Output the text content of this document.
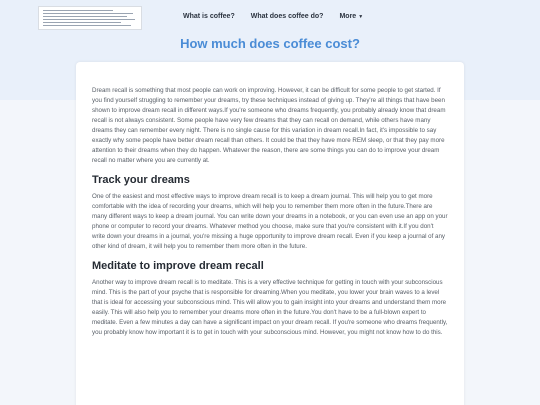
What is coffee? What does coffee do? More ▼
How much does coffee cost?

Dream recall is something that most people can work on improving. However, it can be difficult for some people to get started. If you find yourself struggling to remember your dreams, try these techniques instead of giving up. They're all things that have been shown to improve dream recall in different ways.If you're someone who dreams frequently, you probably already know that dream recall is not always consistent. Some people have very few dreams that they can recall on demand, while others have many dreams they can remember every night. There is no single cause for this variation in dream recall.In fact, it's impossible to say exactly why some people have better dream recall than others. It could be that they have more REM sleep, or that they pay more attention to their dreams when they do happen. Whatever the reason, there are some things you can do to improve your dream recall no matter where you are currently at.

Track your dreams

One of the easiest and most effective ways to improve dream recall is to keep a dream journal. This will help you to get more comfortable with the idea of recording your dreams, which will help you to remember them more often in the future.There are many different ways to keep a dream journal. You can write down your dreams in a notebook, or you can even use an app on your phone or computer to record your dreams. Whatever method you choose, make sure that you're consistent with it.If you don't write down your dreams in a journal, you're missing a huge opportunity to improve dream recall. Even if you keep a journal of any other kind of dream, it will help you to remember them more often in the future.

Meditate to improve dream recall

Another way to improve dream recall is to meditate. This is a very effective technique for getting in touch with your subconscious mind. This is the part of your psyche that is responsible for dreaming.When you meditate, you lower your brain waves to a level that is ideal for accessing your subconscious mind. This will allow you to gain insight into your dreams and understand them more easily. This will also help you to remember your dreams more often in the future.You don't have to be a full-blown expert to meditate. Even a few minutes a day can have a significant impact on your dream recall. If you're someone who dreams frequently, you probably know how important it is to get in touch with your subconscious mind. However, you might not know how to do this.
